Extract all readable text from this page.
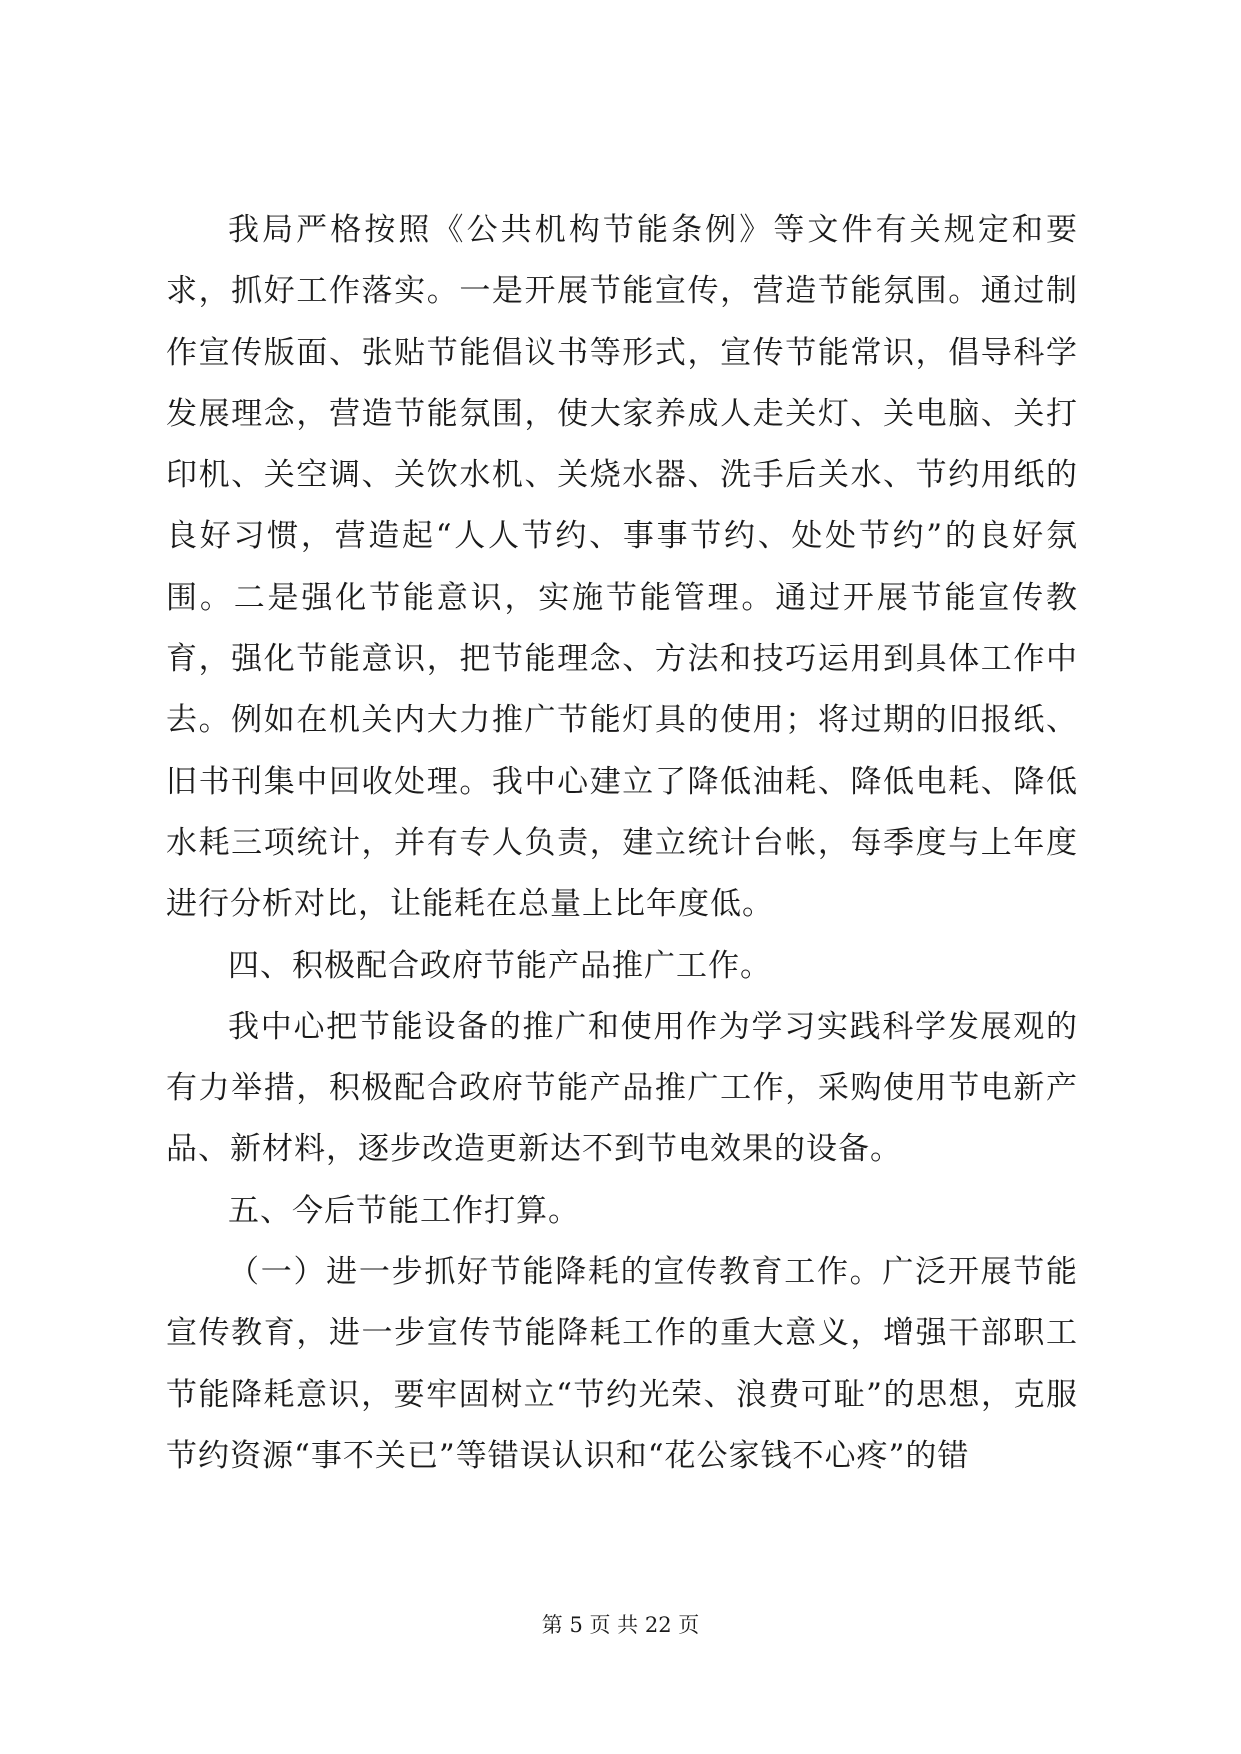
我局严格按照《公共机构节能条例》等文件有关规定和要求，抓好工作落实。一是开展节能宣传，营造节能氛围。通过制作宣传版面、张贴节能倡议书等形式，宣传节能常识，倡导科学发展理念，营造节能氛围，使大家养成人走关灯、关电脑、关打印机、关空调、关饮水机、关烧水器、洗手后关水、节约用纸的良好习惯，营造起“人人节约、事事节约、处处节约”的良好氛围。二是强化节能意识，实施节能管理。通过开展节能宣传教育，强化节能意识，把节能理念、方法和技巧运用到具体工作中去。例如在机关内大力推广节能灯具的使用；将过期的旧报纸、旧书刊集中回收处理。我中心建立了降低油耗、降低电耗、降低水耗三项统计，并有专人负责，建立统计台帐，每季度与上年度进行分析对比，让能耗在总量上比年度低。

四、积极配合政府节能产品推广工作。

我中心把节能设备的推广和使用作为学习实践科学发展观的有力举措，积极配合政府节能产品推广工作，采购使用节电新产品、新材料，逐步改造更新达不到节电效果的设备。

五、今后节能工作打算。

（一）进一步抓好节能降耗的宣传教育工作。广泛开展节能宣传教育，进一步宣传节能降耗工作的重大意义，增强干部职工节能降耗意识，要牢固树立“节约光荣、浪费可耻”的思想，克服节约资源“事不关已”等错误认识和“花公家钱不心疼”的错

第 5 页 共 22 页
